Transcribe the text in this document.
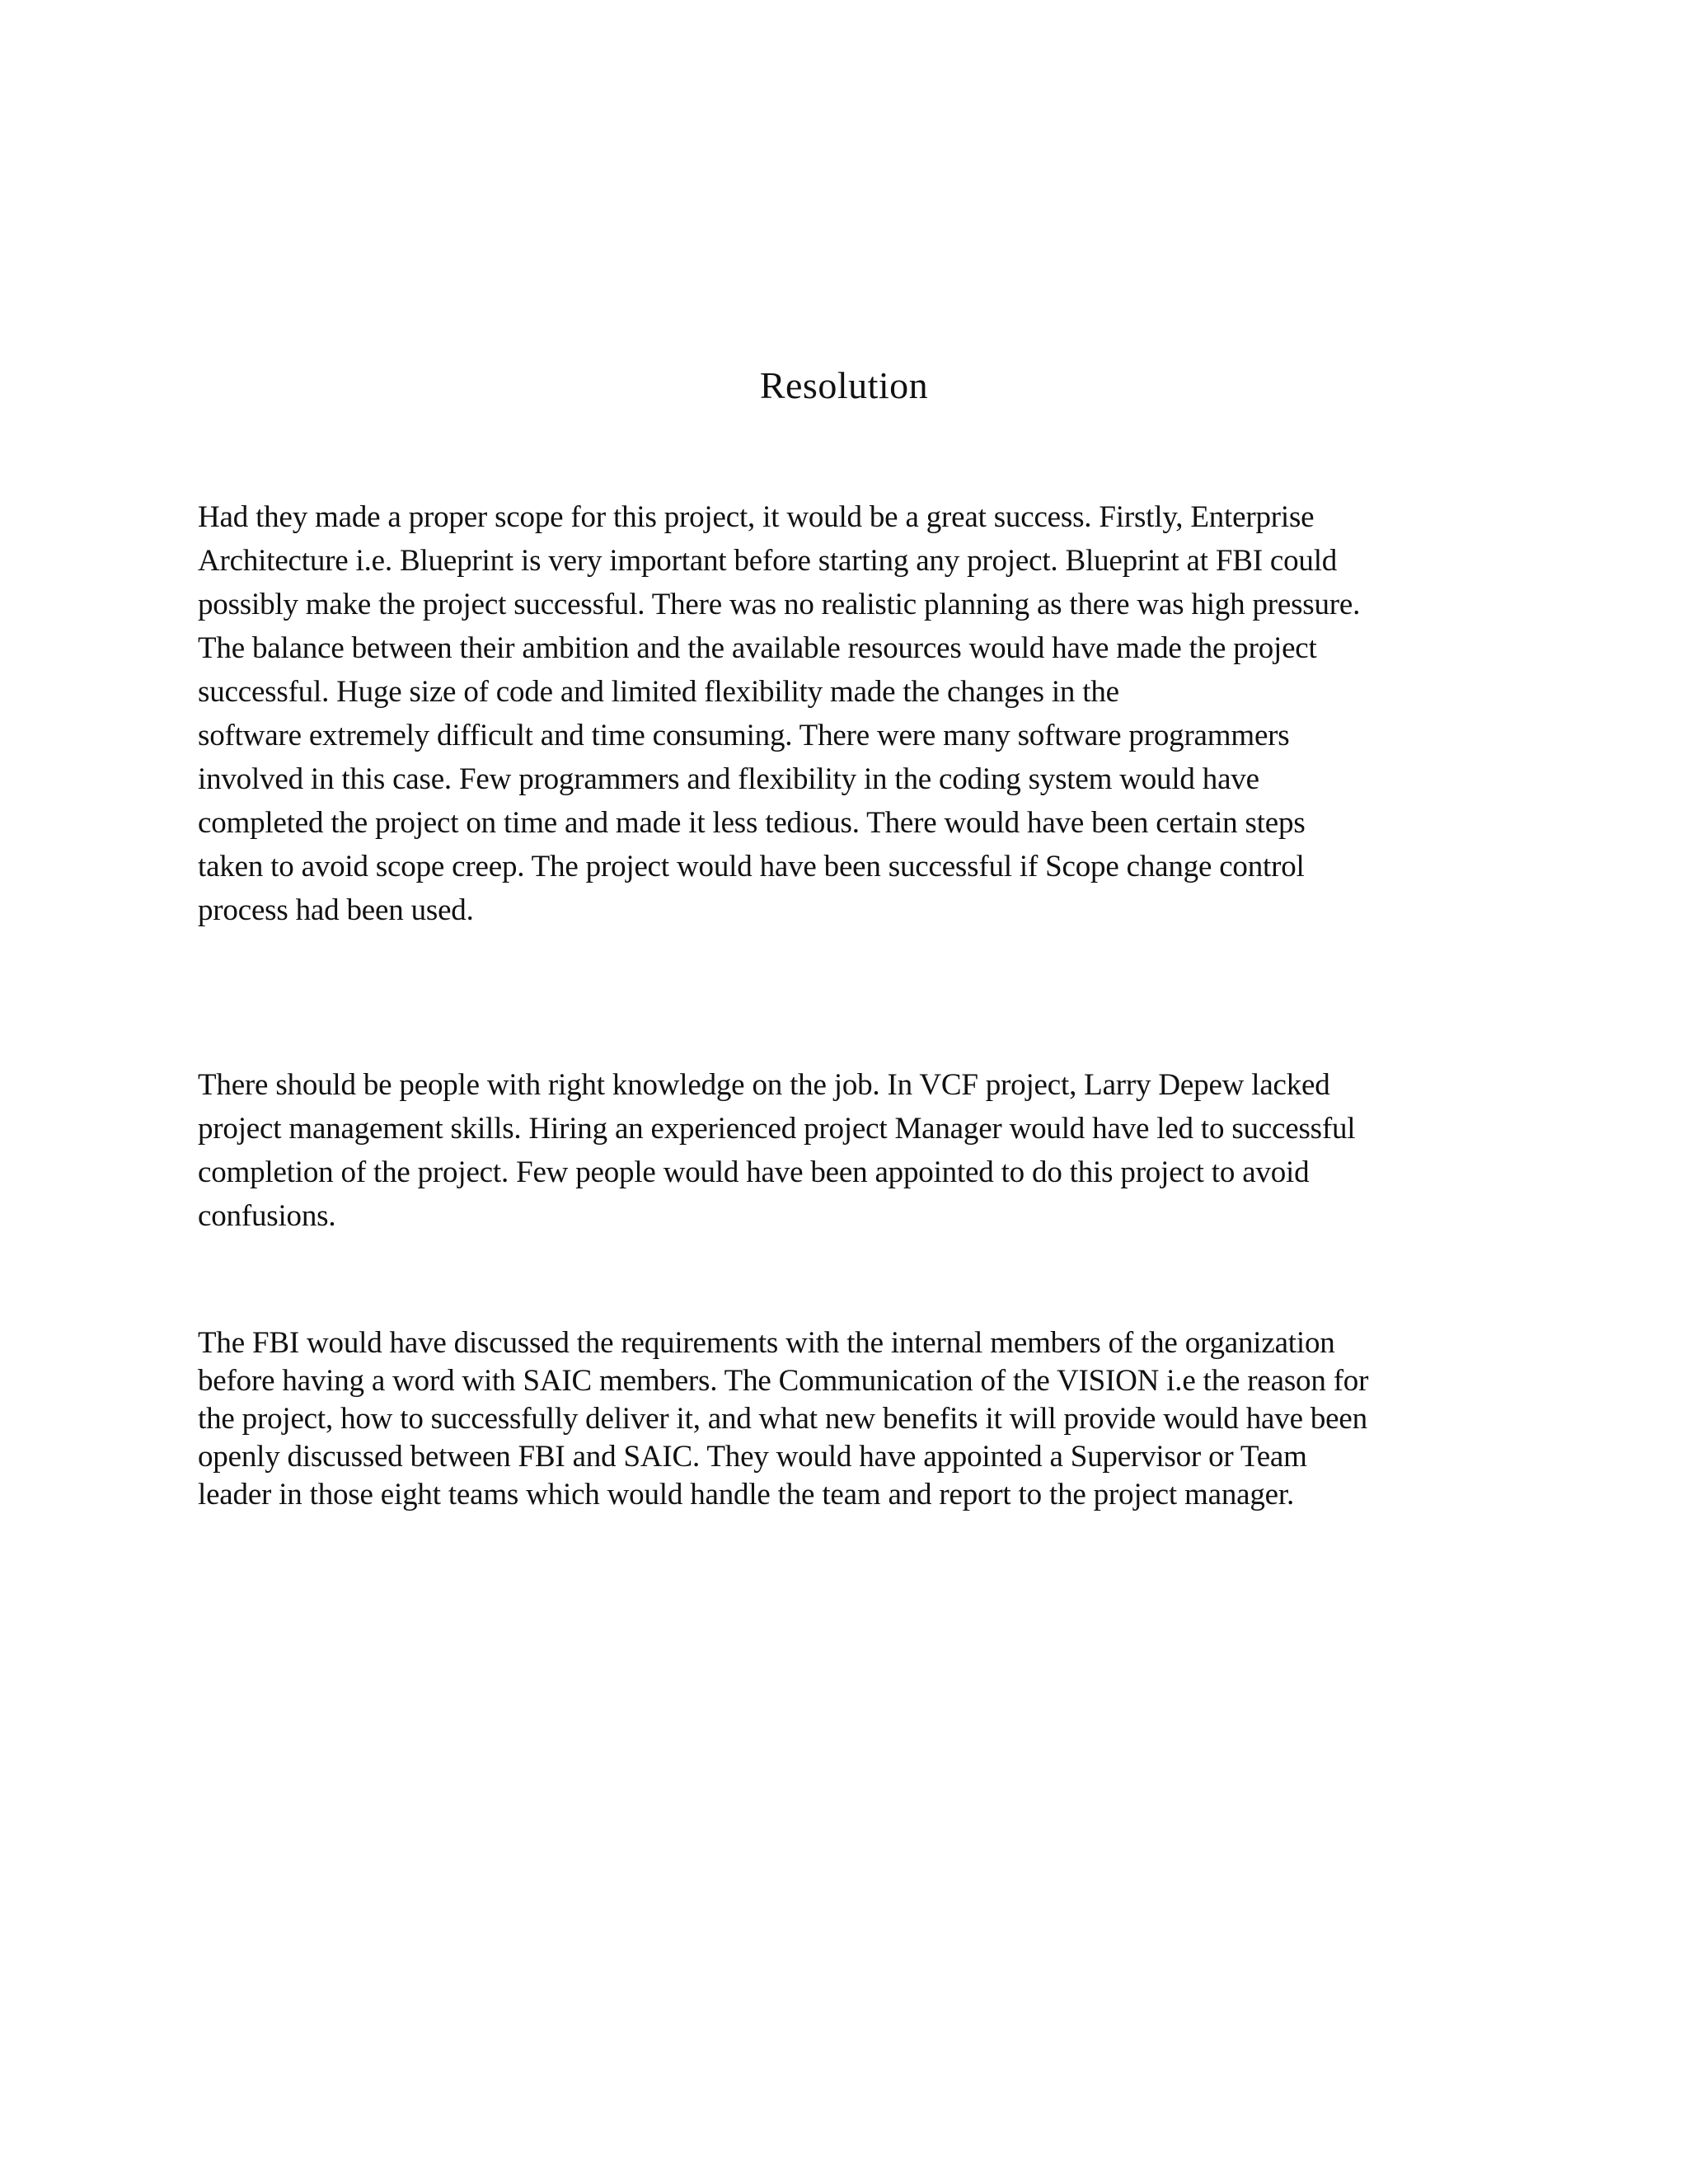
Resolution

Had they made a proper scope for this project, it would be a great success. Firstly, Enterprise
Architecture i.e. Blueprint is very important before starting any project. Blueprint at FBI could
possibly make the project successful. There was no realistic planning as there was high pressure.
The balance between their ambition and the available resources would have made the project
successful. Huge size of code and limited flexibility made the changes in the
software extremely difficult and time consuming. There were many software programmers
involved in this case. Few programmers and flexibility in the coding system would have
completed the project on time and made it less tedious. There would have been certain steps
taken to avoid scope creep. The project would have been successful if Scope change control
process had been used.

There should be people with right knowledge on the job. In VCF project, Larry Depew lacked
project management skills. Hiring an experienced project Manager would have led to successful
completion of the project. Few people would have been appointed to do this project to avoid
confusions.

The FBI would have discussed the requirements with the internal members of the organization
before having a word with SAIC members. The Communication of the VISION i.e the reason for
the project, how to successfully deliver it, and what new benefits it will provide would have been
openly discussed between FBI and SAIC. They would have appointed a Supervisor or Team
leader in those eight teams which would handle the team and report to the project manager.
